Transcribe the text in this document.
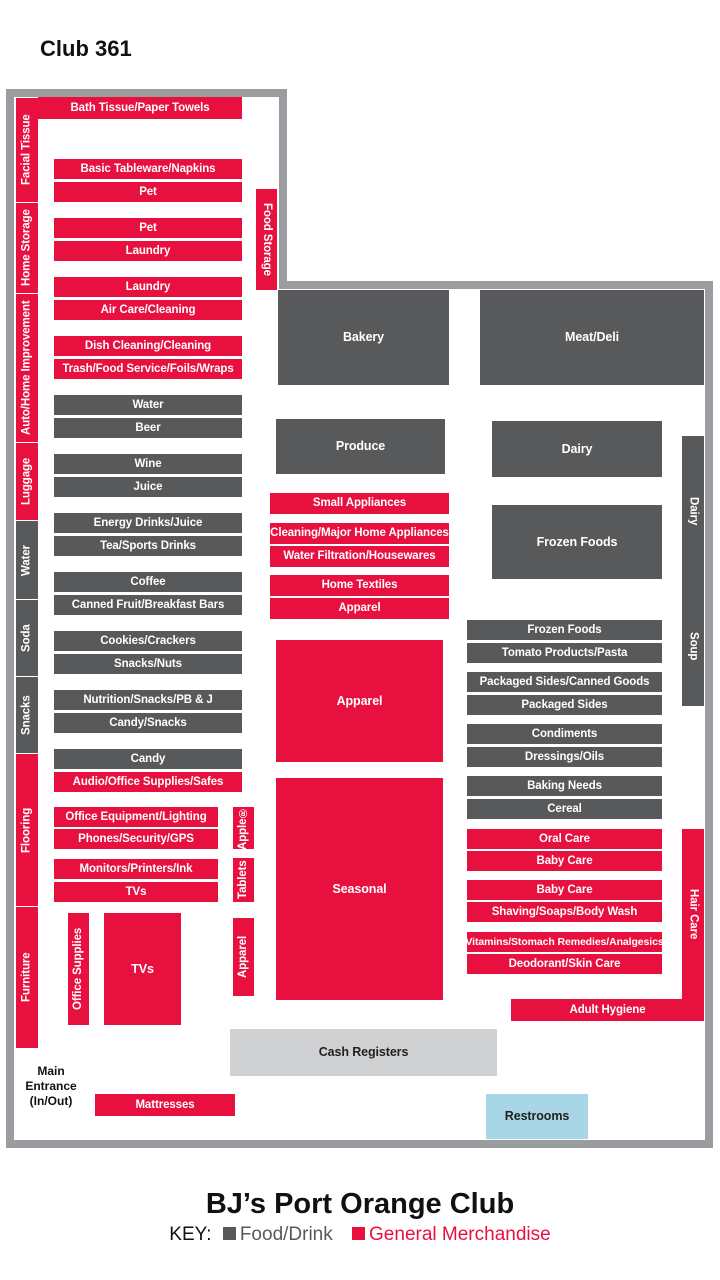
Club 361
Facial Tissue
Home Storage
Auto/Home Improvement
Luggage
Water
Soda
Snacks
Flooring
Furniture
Bath Tissue/Paper Towels
Food Storage
Basic Tableware/Napkins
Pet
Pet
Laundry
Laundry
Air Care/Cleaning
Dish Cleaning/Cleaning
Trash/Food Service/Foils/Wraps
Water
Beer
Wine
Juice
Energy Drinks/Juice
Tea/Sports Drinks
Coffee
Canned Fruit/Breakfast Bars
Cookies/Crackers
Snacks/Nuts
Nutrition/Snacks/PB & J
Candy/Snacks
Candy
Audio/Office Supplies/Safes
Office Equipment/Lighting
Phones/Security/GPS
Monitors/Printers/Ink
TVs
Apple®
Tablets
Apparel
Office Supplies	TVs
Mattresses
Main
Entrance
(In/Out)
Bakery
Produce
Small Appliances
Cleaning/Major Home Appliances
Water Filtration/Housewares
Home Textiles
Apparel
Apparel
Seasonal
Cash Registers
Restrooms
Meat/Deli
Dairy
Frozen Foods
Dairy
Soup
Frozen Foods
Tomato Products/Pasta
Packaged Sides/Canned Goods
Packaged Sides
Condiments
Dressings/Oils
Baking Needs
Cereal
Oral Care
Baby Care
Baby Care
Shaving/Soaps/Body Wash
Vitamins/Stomach Remedies/Analgesics
Deodorant/Skin Care
Hair Care
Adult Hygiene
BJ’s Port Orange Club
KEY: Food/Drink General Merchandise
